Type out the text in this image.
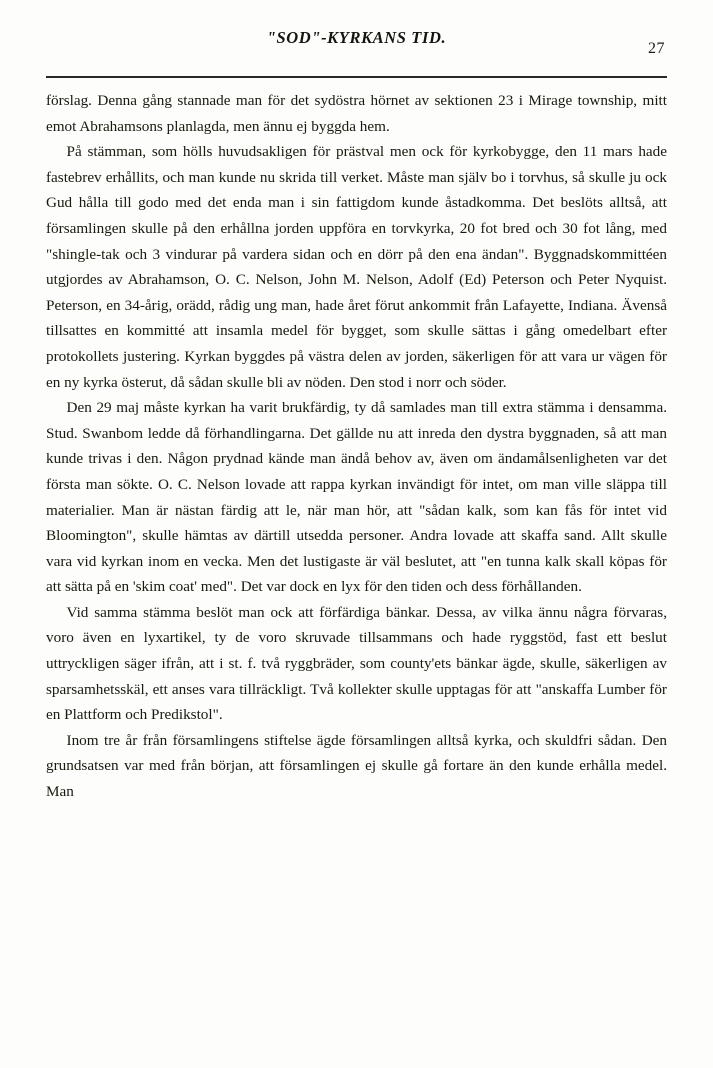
"SOD"-KYRKANS TID.
27

förslag. Denna gång stannade man för det sydöstra hörnet av sektionen 23 i Mirage township, mitt emot Abrahamsons planlagda, men ännu ej byggda hem.

På stämman, som hölls huvudsakligen för prästval men ock för kyrkobygge, den 11 mars hade fastebrev erhållits, och man kunde nu skrida till verket. Måste man själv bo i torvhus, så skulle ju ock Gud hålla till godo med det enda man i sin fattigdom kunde åstadkomma. Det beslöts alltså, att församlingen skulle på den erhållna jorden uppföra en torvkyrka, 20 fot bred och 30 fot lång, med "shingle-tak och 3 vindurar på vardera sidan och en dörr på den ena ändan". Byggnadskommittéen utgjordes av Abrahamson, O. C. Nelson, John M. Nelson, Adolf (Ed) Peterson och Peter Nyquist. Peterson, en 34-årig, orädd, rådig ung man, hade året förut ankommit från Lafayette, Indiana. Ävenså tillsattes en kommitté att insamla medel för bygget, som skulle sättas i gång omedelbart efter protokollets justering. Kyrkan byggdes på västra delen av jorden, säkerligen för att vara ur vägen för en ny kyrka österut, då sådan skulle bli av nöden. Den stod i norr och söder.

Den 29 maj måste kyrkan ha varit brukfärdig, ty då samlades man till extra stämma i densamma. Stud. Swanbom ledde då förhandlingarna. Det gällde nu att inreda den dystra byggnaden, så att man kunde trivas i den. Någon prydnad kände man ändå behov av, även om ändamålsenligheten var det första man sökte. O. C. Nelson lovade att rappa kyrkan invändigt för intet, om man ville släppa till materialier. Man är nästan färdig att le, när man hör, att "sådan kalk, som kan fås för intet vid Bloomington", skulle hämtas av därtill utsedda personer. Andra lovade att skaffa sand. Allt skulle vara vid kyrkan inom en vecka. Men det lustigaste är väl beslutet, att "en tunna kalk skall köpas för att sätta på en 'skim coat' med". Det var dock en lyx för den tiden och dess förhållanden.

Vid samma stämma beslöt man ock att förfärdiga bänkar. Dessa, av vilka ännu några förvaras, voro även en lyxartikel, ty de voro skruvade tillsammans och hade ryggstöd, fast ett beslut uttryckligen säger ifrån, att i st. f. två ryggbräder, som county'ets bänkar ägde, skulle, säkerligen av sparsamhetsskäl, ett anses vara tillräckligt. Två kollekter skulle upptagas för att "anskaffa Lumber för en Plattform och Predikstol".

Inom tre år från församlingens stiftelse ägde församlingen alltså kyrka, och skuldfri sådan. Den grundsatsen var med från början, att församlingen ej skulle gå fortare än den kunde erhålla medel. Man
